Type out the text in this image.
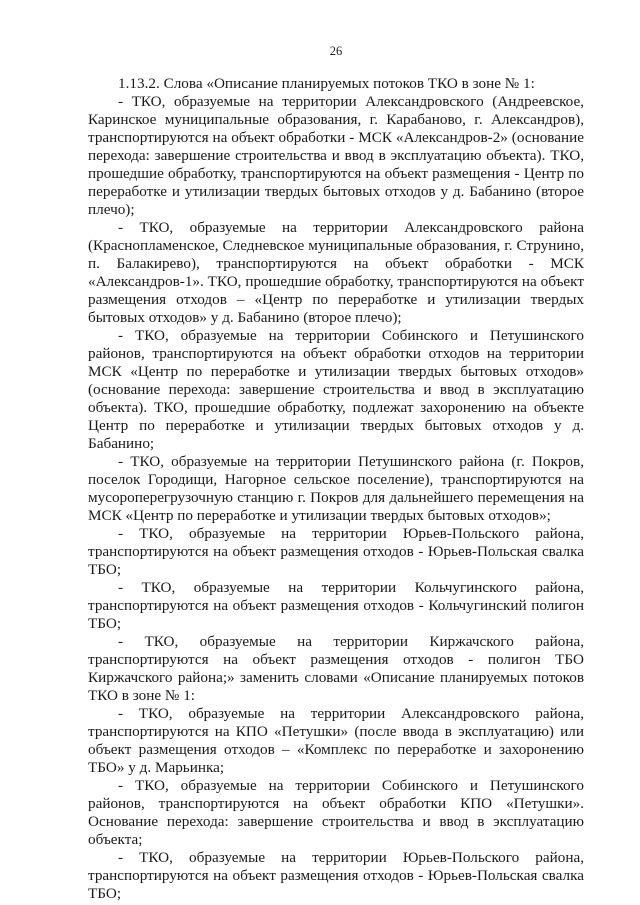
26

1.13.2. Слова «Описание планируемых потоков ТКО в зоне № 1:

- ТКО, образуемые на территории Александровского (Андреевское, Каринское муниципальные образования, г. Карабаново, г. Александров), транспортируются на объект обработки - МСК «Александров-2» (основание перехода: завершение строительства и ввод в эксплуатацию объекта). ТКО, прошедшие обработку, транспортируются на объект размещения - Центр по переработке и утилизации твердых бытовых отходов у д. Бабанино (второе плечо);

- ТКО, образуемые на территории Александровского района (Краснопламенское, Следневское муниципальные образования, г. Струнино, п. Балакирево), транспортируются на объект обработки - МСК «Александров-1». ТКО, прошедшие обработку, транспортируются на объект размещения отходов – «Центр по переработке и утилизации твердых бытовых отходов» у д. Бабанино (второе плечо);

- ТКО, образуемые на территории Собинского и Петушинского районов, транспортируются на объект обработки отходов на территории МСК «Центр по переработке и утилизации твердых бытовых отходов» (основание перехода: завершение строительства и ввод в эксплуатацию объекта). ТКО, прошедшие обработку, подлежат захоронению на объекте Центр по переработке и утилизации твердых бытовых отходов у д. Бабанино;

- ТКО, образуемые на территории Петушинского района (г. Покров, поселок Городищи, Нагорное сельское поселение), транспортируются на мусороперегрузочную станцию г. Покров для дальнейшего перемещения на МСК «Центр по переработке и утилизации твердых бытовых отходов»;

- ТКО, образуемые на территории Юрьев-Польского района, транспортируются на объект размещения отходов - Юрьев-Польская свалка ТБО;

- ТКО, образуемые на территории Кольчугинского района, транспортируются на объект размещения отходов - Кольчугинский полигон ТБО;

- ТКО, образуемые на территории Киржачского района, транспортируются на объект размещения отходов - полигон ТБО Киржачского района;» заменить словами «Описание планируемых потоков ТКО в зоне № 1:

- ТКО, образуемые на территории Александровского района, транспортируются на КПО «Петушки» (после ввода в эксплуатацию) или объект размещения отходов – «Комплекс по переработке и захоронению ТБО» у д. Марьинка;

- ТКО, образуемые на территории Собинского и Петушинского районов, транспортируются на объект обработки КПО «Петушки». Основание перехода: завершение строительства и ввод в эксплуатацию объекта;

- ТКО, образуемые на территории Юрьев-Польского района, транспортируются на объект размещения отходов - Юрьев-Польская свалка ТБО;
